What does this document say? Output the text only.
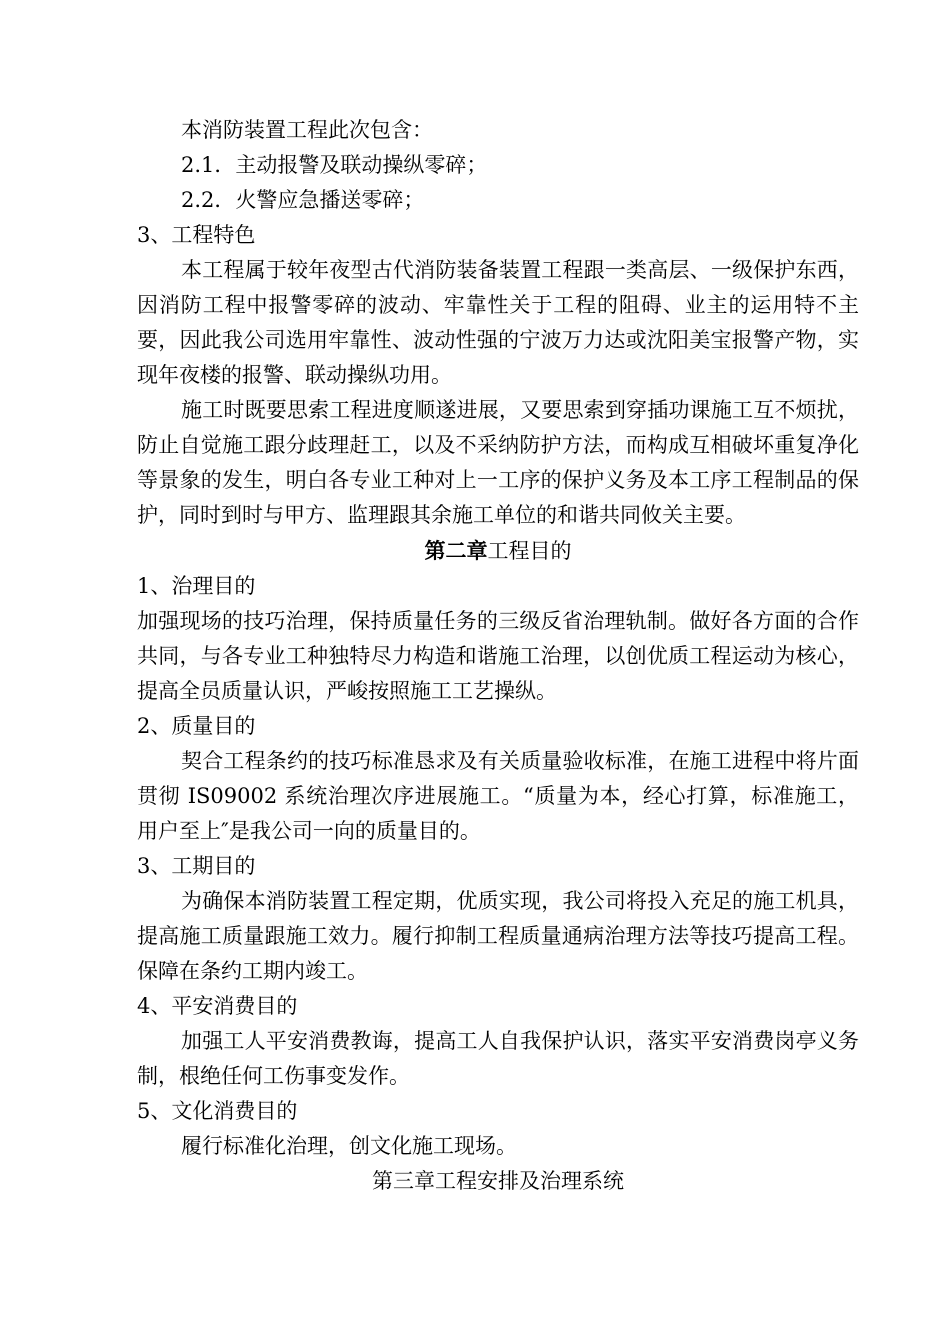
本消防装置工程此次包含：

2.1．主动报警及联动操纵零碎；

2.2．火警应急播送零碎；

3、工程特色

本工程属于较年夜型古代消防装备装置工程跟一类高层、一级保护东西，因消防工程中报警零碎的波动、牢靠性关于工程的阻碍、业主的运用特不主要，因此我公司选用牢靠性、波动性强的宁波万力达或沈阳美宝报警产物，实现年夜楼的报警、联动操纵功用。

施工时既要思索工程进度顺遂进展，又要思索到穿插功课施工互不烦扰，防止自觉施工跟分歧理赶工，以及不采纳防护方法，而构成互相破坏重复净化等景象的发生，明白各专业工种对上一工序的保护义务及本工序工程制品的保护，同时到时与甲方、监理跟其余施工单位的和谐共同攸关主要。

第二章工程目的

1、治理目的

加强现场的技巧治理，保持质量任务的三级反省治理轨制。做好各方面的合作共同，与各专业工种独特尽力构造和谐施工治理，以创优质工程运动为核心，提高全员质量认识，严峻按照施工工艺操纵。

2、质量目的

契合工程条约的技巧标准恳求及有关质量验收标准，在施工进程中将片面贯彻 IS09002 系统治理次序进展施工。“质量为本，经心打算，标准施工，用户至上″是我公司一向的质量目的。

3、工期目的

为确保本消防装置工程定期，优质实现，我公司将投入充足的施工机具，提高施工质量跟施工效力。履行抑制工程质量通病治理方法等技巧提高工程。保障在条约工期内竣工。

4、平安消费目的

加强工人平安消费教诲，提高工人自我保护认识，落实平安消费岗亭义务制，根绝任何工伤事变发作。

5、文化消费目的

履行标准化治理，创文化施工现场。

第三章工程安排及治理系统
